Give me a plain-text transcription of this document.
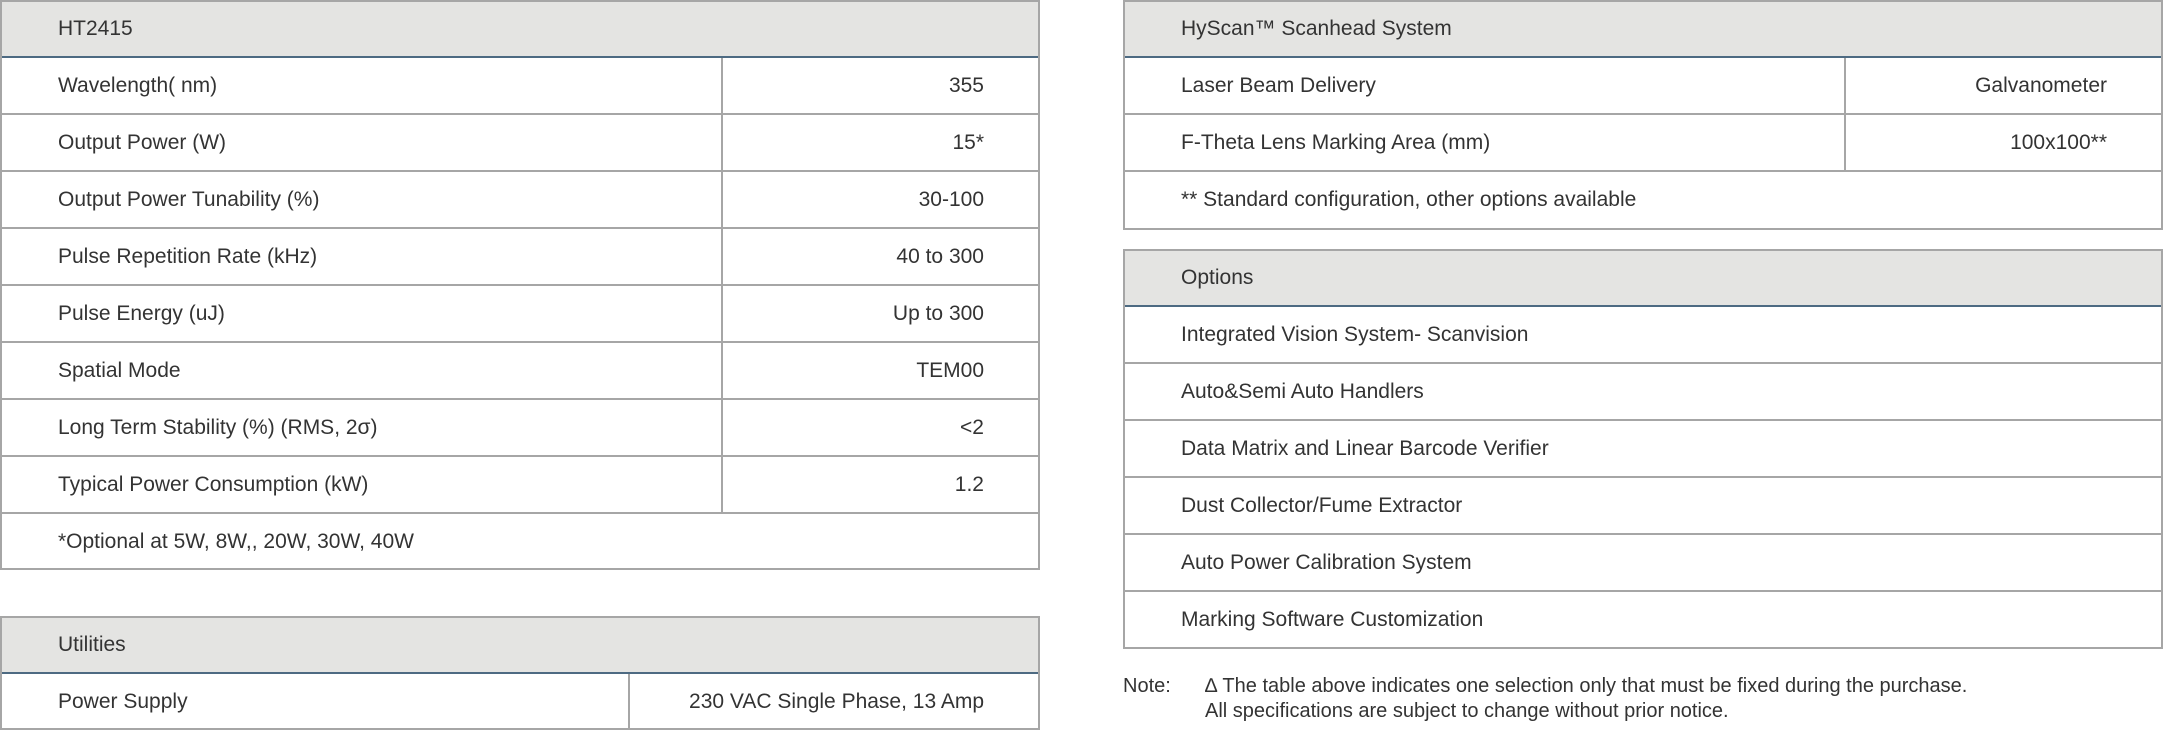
HT2415
Wavelength( nm)	355
Output Power (W)	15*
Output Power Tunability (%)	30-100
Pulse Repetition Rate (kHz)	40 to 300
Pulse Energy (uJ)	Up to 300
Spatial Mode	TEM00
Long Term Stability (%) (RMS, 2σ)	<2
Typical Power Consumption (kW)	1.2
*Optional at 5W, 8W,, 20W, 30W, 40W
Utilities
Power Supply	230 VAC Single Phase, 13 Amp
HyScan™ Scanhead System
Laser Beam Delivery	Galvanometer
F-Theta Lens Marking Area (mm)	100x100**
** Standard configuration, other options available
Options
Integrated Vision System- Scanvision
Auto&Semi Auto Handlers
Data Matrix and Linear Barcode Verifier
Dust Collector/Fume Extractor
Auto Power Calibration System
Marking Software Customization
Note:	∆ The table above indicates one selection only that must be fixed during the purchase.
All specifications are subject to change without prior notice.
